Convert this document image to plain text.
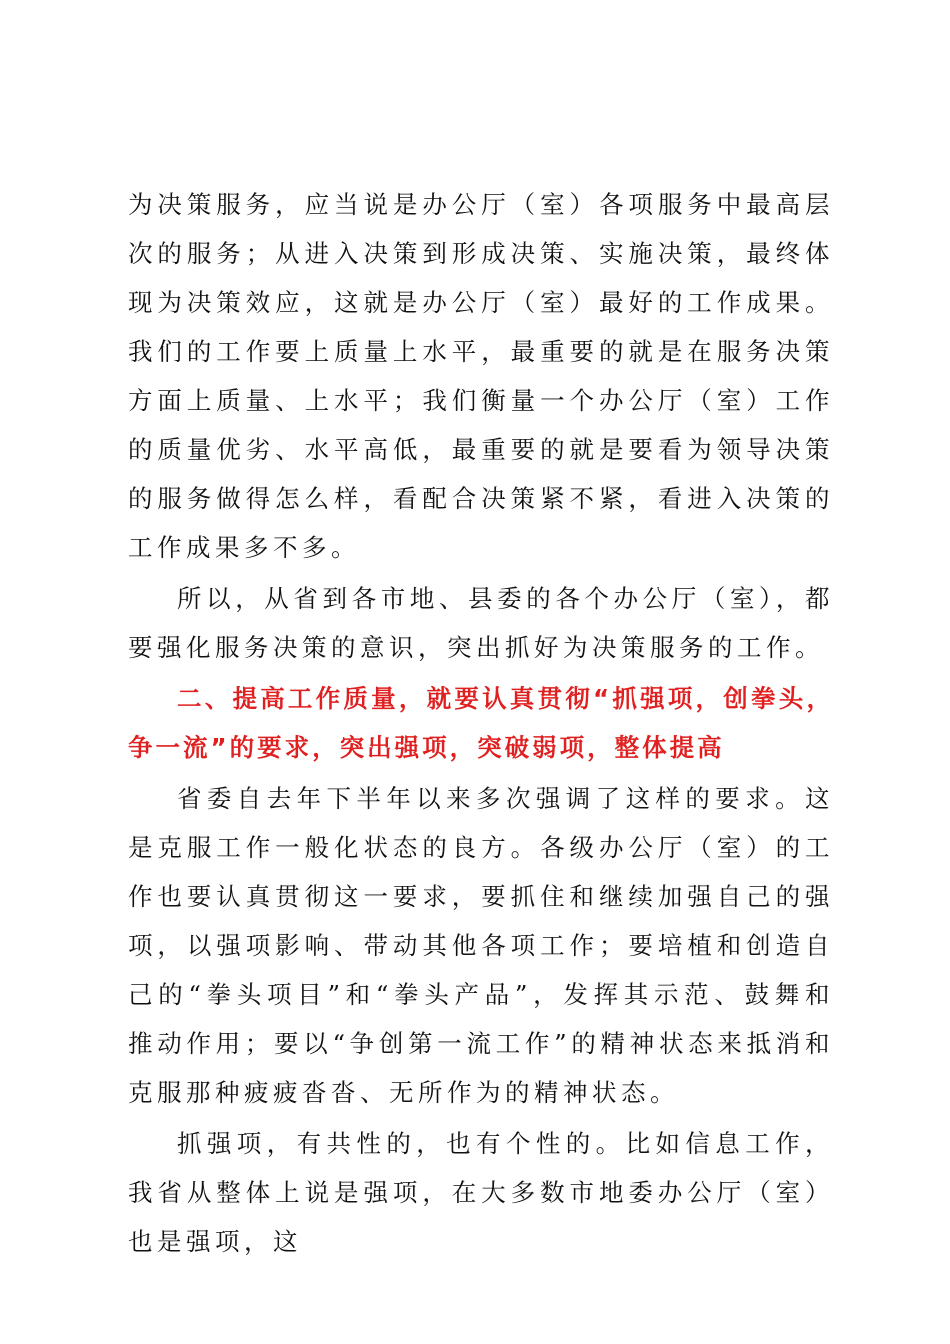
为决策服务，应当说是办公厅（室）各项服务中最高层次的服务；从进入决策到形成决策、实施决策，最终体现为决策效应，这就是办公厅（室）最好的工作成果。我们的工作要上质量上水平，最重要的就是在服务决策方面上质量、上水平；我们衡量一个办公厅（室）工作的质量优劣、水平高低，最重要的就是要看为领导决策的服务做得怎么样，看配合决策紧不紧，看进入决策的工作成果多不多。

所以，从省到各市地、县委的各个办公厅（室），都要强化服务决策的意识，突出抓好为决策服务的工作。

二、提高工作质量，就要认真贯彻“抓强项，创拳头，争一流”的要求，突出强项，突破弱项，整体提高

省委自去年下半年以来多次强调了这样的要求。这是克服工作一般化状态的良方。各级办公厅（室）的工作也要认真贯彻这一要求，要抓住和继续加强自己的强项，以强项影响、带动其他各项工作；要培植和创造自己的“拳头项目”和“拳头产品”，发挥其示范、鼓舞和推动作用；要以“争创第一流工作”的精神状态来抵消和克服那种疲疲沓沓、无所作为的精神状态。

抓强项，有共性的，也有个性的。比如信息工作，我省从整体上说是强项，在大多数市地委办公厅（室）也是强项，这
